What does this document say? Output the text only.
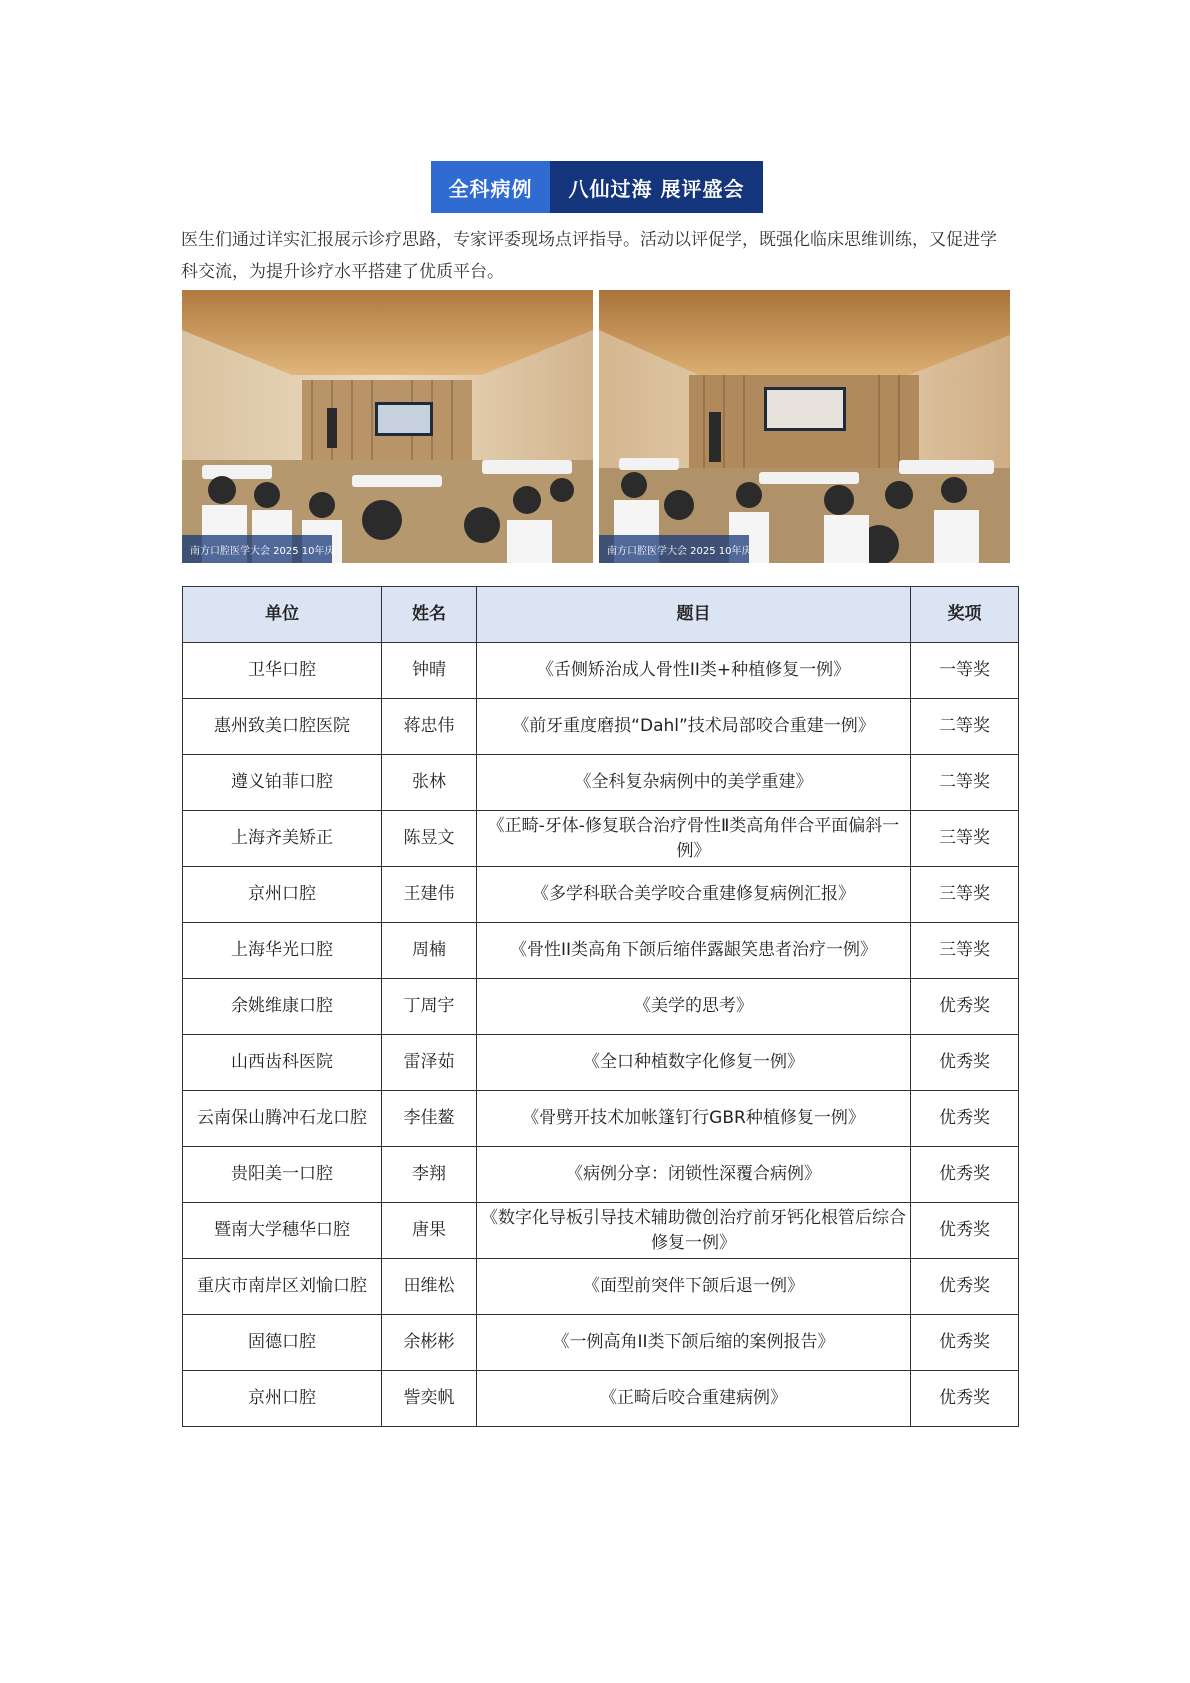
全科病例	八仙过海 展评盛会

医生们通过详实汇报展示诊疗思路，专家评委现场点评指导。活动以评促学，既强化临床思维训练，又促进学科交流，为提升诊疗水平搭建了优质平台。

南方口腔医学大会 2025 10年庆	南方口腔医学大会 2025 10年庆
单位	姓名	题目	奖项
卫华口腔	钟晴	《舌侧矫治成人骨性II类+种植修复一例》	一等奖
惠州致美口腔医院	蒋忠伟	《前牙重度磨损“Dahl”技术局部咬合重建一例》	二等奖
遵义铂菲口腔	张林	《全科复杂病例中的美学重建》	二等奖
上海齐美矫正	陈昱文	《正畸-牙体-修复联合治疗骨性Ⅱ类高角伴合平面偏斜一例》	三等奖
京州口腔	王建伟	《多学科联合美学咬合重建修复病例汇报》	三等奖
上海华光口腔	周楠	《骨性II类高角下颌后缩伴露龈笑患者治疗一例》	三等奖
余姚维康口腔	丁周宇	《美学的思考》	优秀奖
山西齿科医院	雷泽茹	《全口种植数字化修复一例》	优秀奖
云南保山腾冲石龙口腔	李佳鳌	《骨劈开技术加帐篷钉行GBR种植修复一例》	优秀奖
贵阳美一口腔	李翔	《病例分享：闭锁性深覆合病例》	优秀奖
暨南大学穗华口腔	唐果	《数字化导板引导技术辅助微创治疗前牙钙化根管后综合修复一例》	优秀奖
重庆市南岸区刘愉口腔	田维松	《面型前突伴下颌后退一例》	优秀奖
固德口腔	余彬彬	《一例高角II类下颌后缩的案例报告》	优秀奖
京州口腔	訾奕帆	《正畸后咬合重建病例》	优秀奖
